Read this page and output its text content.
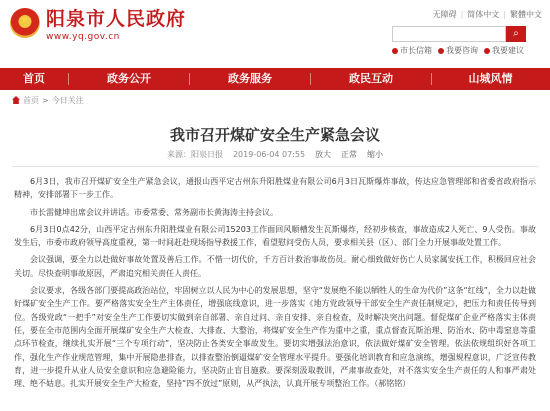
★ 阳泉市人民政府
www.yq.gov.cn
无障碍 | 简体中文 | 繁體中文
⌕
市长信箱 我要咨询 我要建议
首页	政务公开	政务服务	政民互动	山城风情
首页 > 今日关注
我市召开煤矿安全生产紧急会议
来源：阳泉日报 2019-06-04 07:55 放大 正常 缩小

6月3日，我市召开煤矿安全生产紧急会议，通报山西平定古州东升阳胜煤业有限公司6月3日瓦斯爆炸事故，传达应急管理部和省委省政府指示精神，安排部署下一步工作。

市长雷健坤出席会议并讲话。市委常委、常务副市长黄海涛主持会议。

6月3日0点42分，山西平定古州东升阳胜煤业有限公司15203工作面回风顺槽发生瓦斯爆炸，经初步核查，事故造成2人死亡、9人受伤。事故发生后，市委市政府领导高度重视，第一时间赶赴现场指导救援工作，看望慰问受伤人员，要求相关县（区）、部门全力开展事故处置工作。

会议强调，要全力以赴做好事故处置及善后工作。不惜一切代价，千方百计救治事故伤员。耐心细致做好伤亡人员家属安抚工作，积极回应社会关切。尽快查明事故原因，严肃追究相关责任人责任。

会议要求，各级各部门要提高政治站位，牢固树立以人民为中心的发展思想，坚守“发展绝不能以牺牲人的生命为代价”这条“红线”，全力以赴做好煤矿安全生产工作。要严格落实安全生产主体责任，增强底线意识，进一步落实《地方党政领导干部安全生产责任制规定》，把压力和责任传导到位。各级党政“一把手”对安全生产工作要切实做到亲自部署、亲自过问、亲自安排、亲自检查，及时解决突出问题。督促煤矿企业严格落实主体责任，要在全市范围内全面开展煤矿安全生产大检查、大排查、大整治，将煤矿安全生产作为重中之重，重点督查瓦斯治理、防治水、防中毒窒息等重点环节检查，继续扎实开展“三个专项行动”，坚决防止各类安全事故发生。要切实增强法治意识，依法做好煤矿安全管理。依法依规组织好各项工作，强化生产作业规范管理，集中开展隐患排查，以排查整治倒逼煤矿安全管理水平提升。要强化培训教育和应急演练，增强规程意识，广泛宣传教育，进一步提升从业人员安全意识和应急避险能力，坚决防止盲目施救。要深刻汲取教训，严肃事故查处，对不落实安全生产责任的人和事严肃处理、绝不姑息。扎实开展安全生产大检查，坚持“四不放过”原则，从严执法，认真开展专项整治工作。（郝铭铭）
